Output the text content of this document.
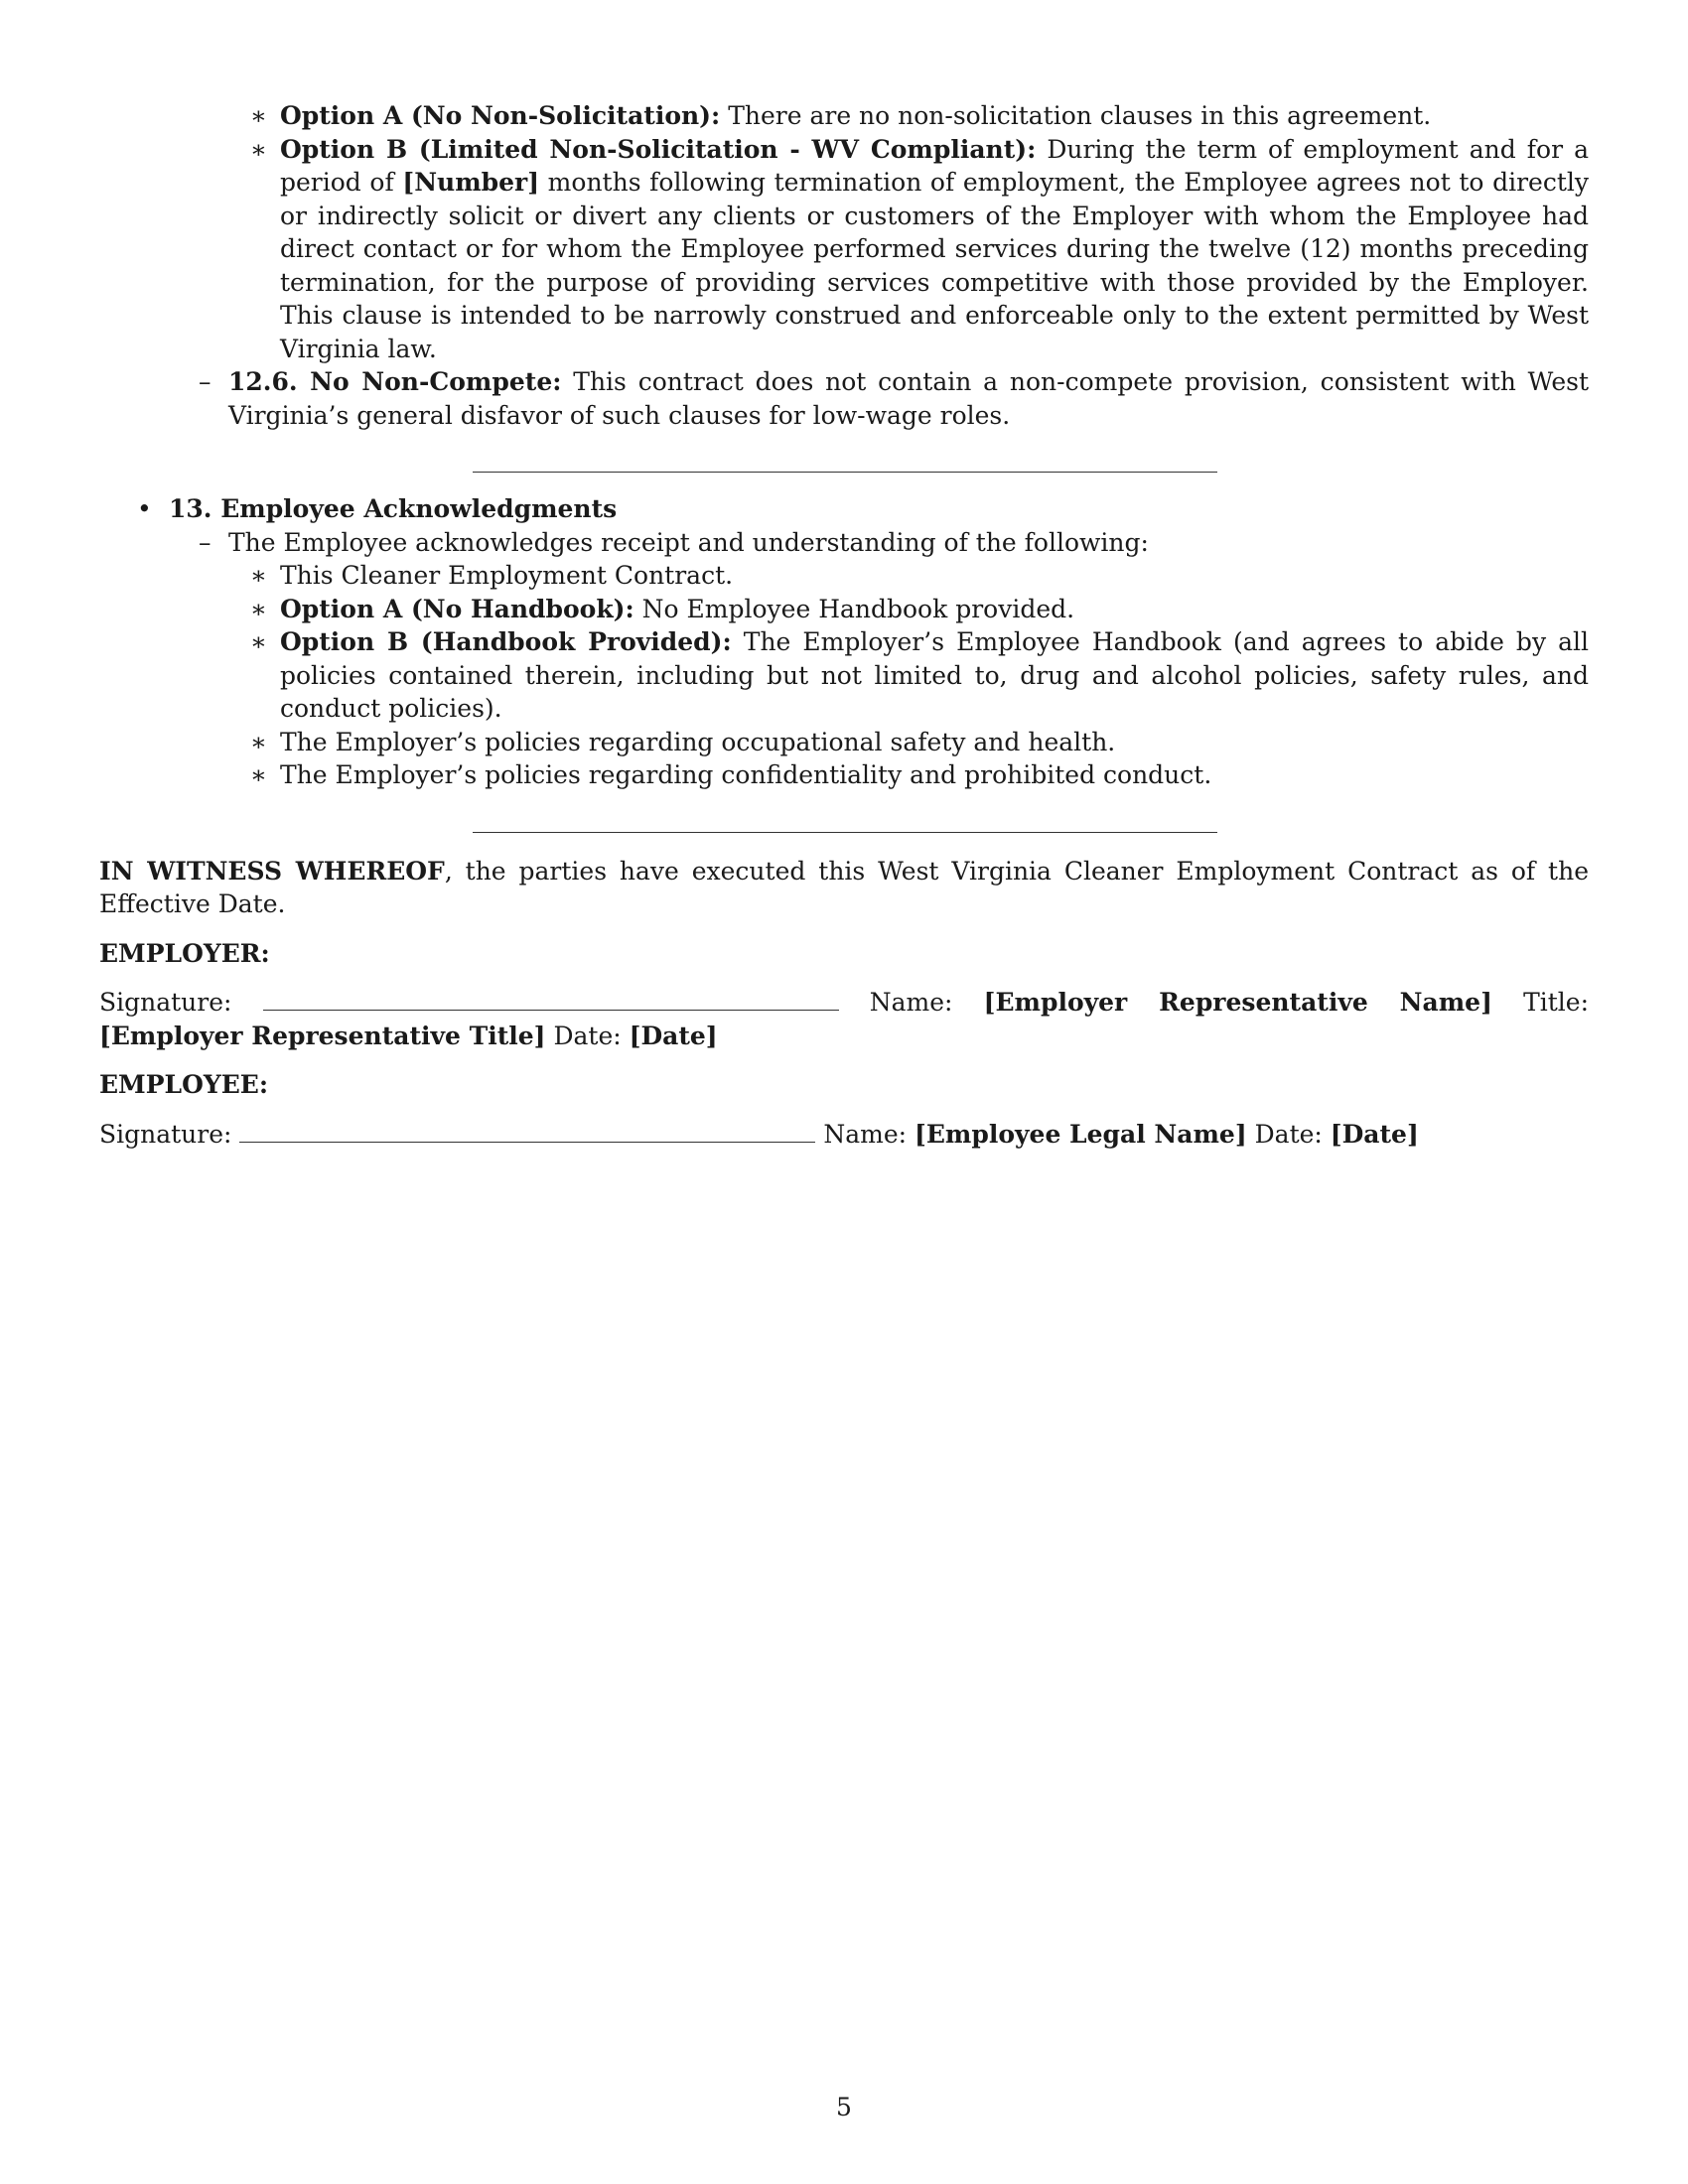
∗ Option A (No Non-Solicitation): There are no non-solicitation clauses in this agreement.
∗ Option B (Limited Non-Solicitation - WV Compliant): During the term of employment and for a period of [Number] months following termination of employment, the Employee agrees not to directly or indirectly solicit or divert any clients or customers of the Employer with whom the Employee had direct contact or for whom the Employee performed services during the twelve (12) months preceding termination, for the purpose of providing services competitive with those provided by the Employer. This clause is intended to be narrowly construed and enforceable only to the extent permitted by West Virginia law.
– 12.6. No Non-Compete: This contract does not contain a non-compete provision, consistent with West Virginia’s general disfavor of such clauses for low-wage roles.
• 13. Employee Acknowledgments
– The Employee acknowledges receipt and understanding of the following:
∗ This Cleaner Employment Contract.
∗ Option A (No Handbook): No Employee Handbook provided.
∗ Option B (Handbook Provided): The Employer’s Employee Handbook (and agrees to abide by all policies contained therein, including but not limited to, drug and alcohol policies, safety rules, and conduct policies).
∗ The Employer’s policies regarding occupational safety and health.
∗ The Employer’s policies regarding confidentiality and prohibited conduct.

IN WITNESS WHEREOF, the parties have executed this West Virginia Cleaner Employment Contract as of the Effective Date.

EMPLOYER:

Signature:	Name: [Employer Representative Name] Title: [Employer Representative Title] Date: [Date]

EMPLOYEE:

Signature:	Name: [Employee Legal Name] Date: [Date]

5
